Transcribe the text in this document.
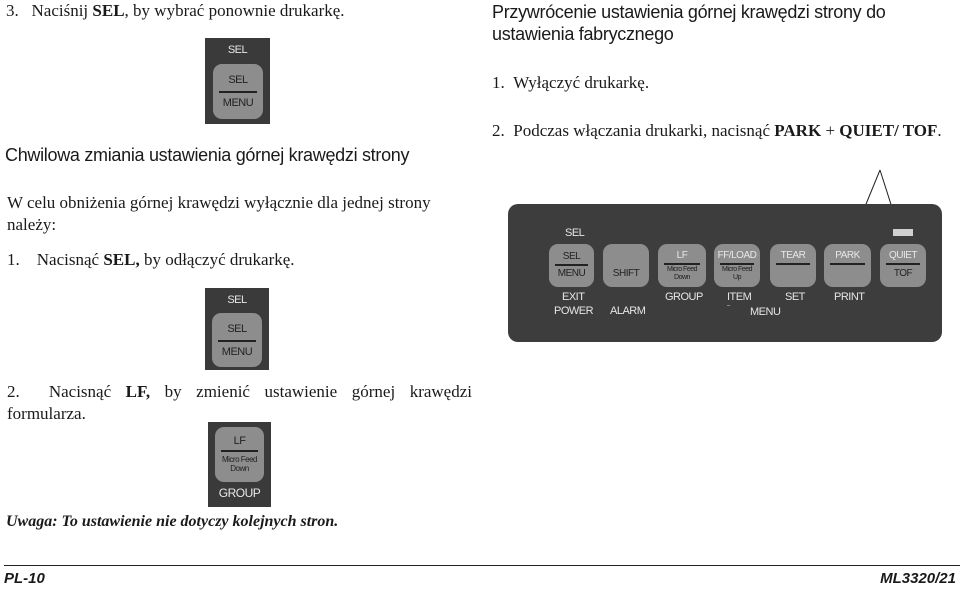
3. Naciśnij SEL, by wybrać ponownie drukarkę.
SEL
SEL
MENU
Chwilowa zmiania ustawienia górnej krawędzi strony
W celu obniżenia górnej krawędzi wyłącznie dla jednej strony należy:
1. Nacisnąć SEL, by odłączyć drukarkę.
SEL
SEL
MENU
2. Nacisnąć LF, by zmienić ustawienie górnej krawędzi formularza.
LF
Micro Feed
Down
GROUP
Uwaga: To ustawienie nie dotyczy kolejnych stron.
Przywrócenie ustawienia górnej krawędzi strony do ustawienia fabrycznego
1. Wyłączyć drukarkę.
2. Podczas włączania drukarki, nacisnąć PARK + QUIET/ TOF.
SEL
SEL
MENU	SHIFT
LF
Micro Feed
Down
FF/LOAD
Micro Feed
Up
TEAR	PARK	QUIET
TOF
EXIT
POWER ALARM
GROUP ITEM	SET	PRINT
MENU
PL-10	ML3320/21
